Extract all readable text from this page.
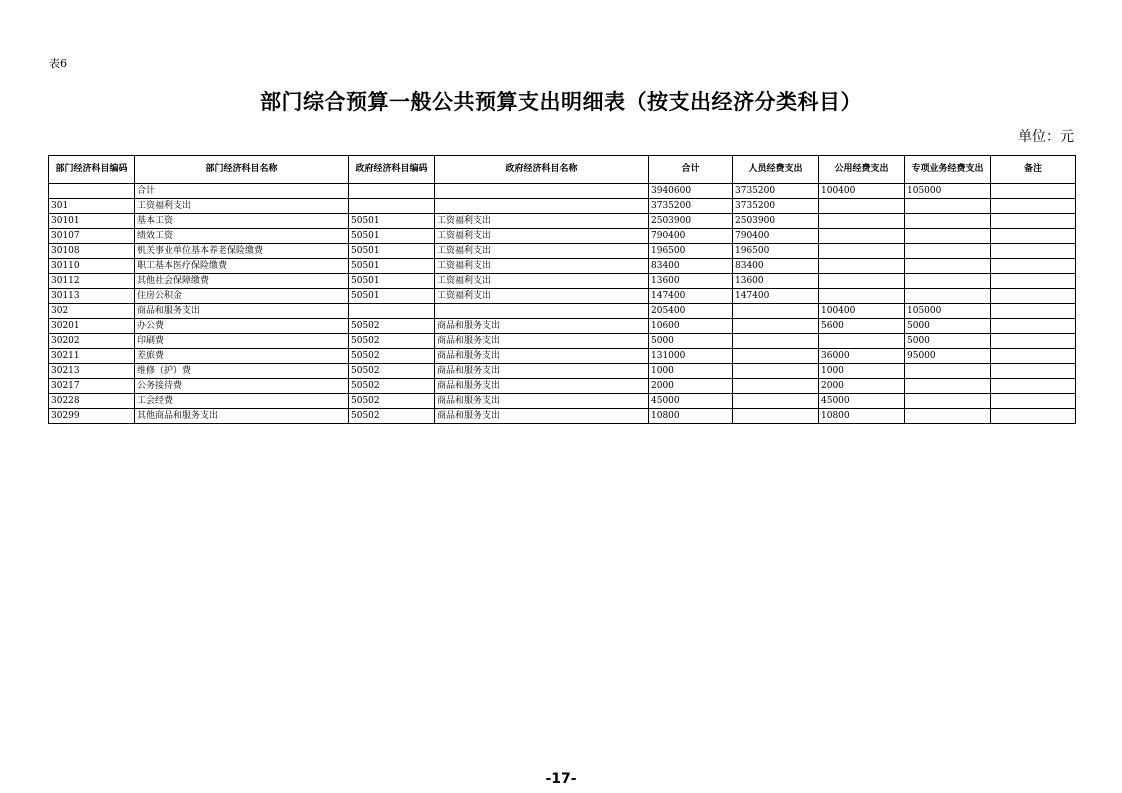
表6
部门综合预算一般公共预算支出明细表（按支出经济分类科目）
单位：元
部门经济科目编码	部门经济科目名称	政府经济科目编码	政府经济科目名称	合计	人员经费支出	公用经费支出	专项业务经费支出	备注
	合计			3940600	3735200	100400	105000	
301	工资福利支出			3735200	3735200			
30101	基本工资	50501	工资福利支出	2503900	2503900			
30107	绩效工资	50501	工资福利支出	790400	790400			
30108	机关事业单位基本养老保险缴费	50501	工资福利支出	196500	196500			
30110	职工基本医疗保险缴费	50501	工资福利支出	83400	83400			
30112	其他社会保障缴费	50501	工资福利支出	13600	13600			
30113	住房公积金	50501	工资福利支出	147400	147400			
302	商品和服务支出			205400		100400	105000	
30201	办公费	50502	商品和服务支出	10600		5600	5000	
30202	印刷费	50502	商品和服务支出	5000			5000	
30211	差旅费	50502	商品和服务支出	131000		36000	95000	
30213	维修（护）费	50502	商品和服务支出	1000		1000		
30217	公务接待费	50502	商品和服务支出	2000		2000		
30228	工会经费	50502	商品和服务支出	45000		45000		
30299	其他商品和服务支出	50502	商品和服务支出	10800		10800		
-17-
